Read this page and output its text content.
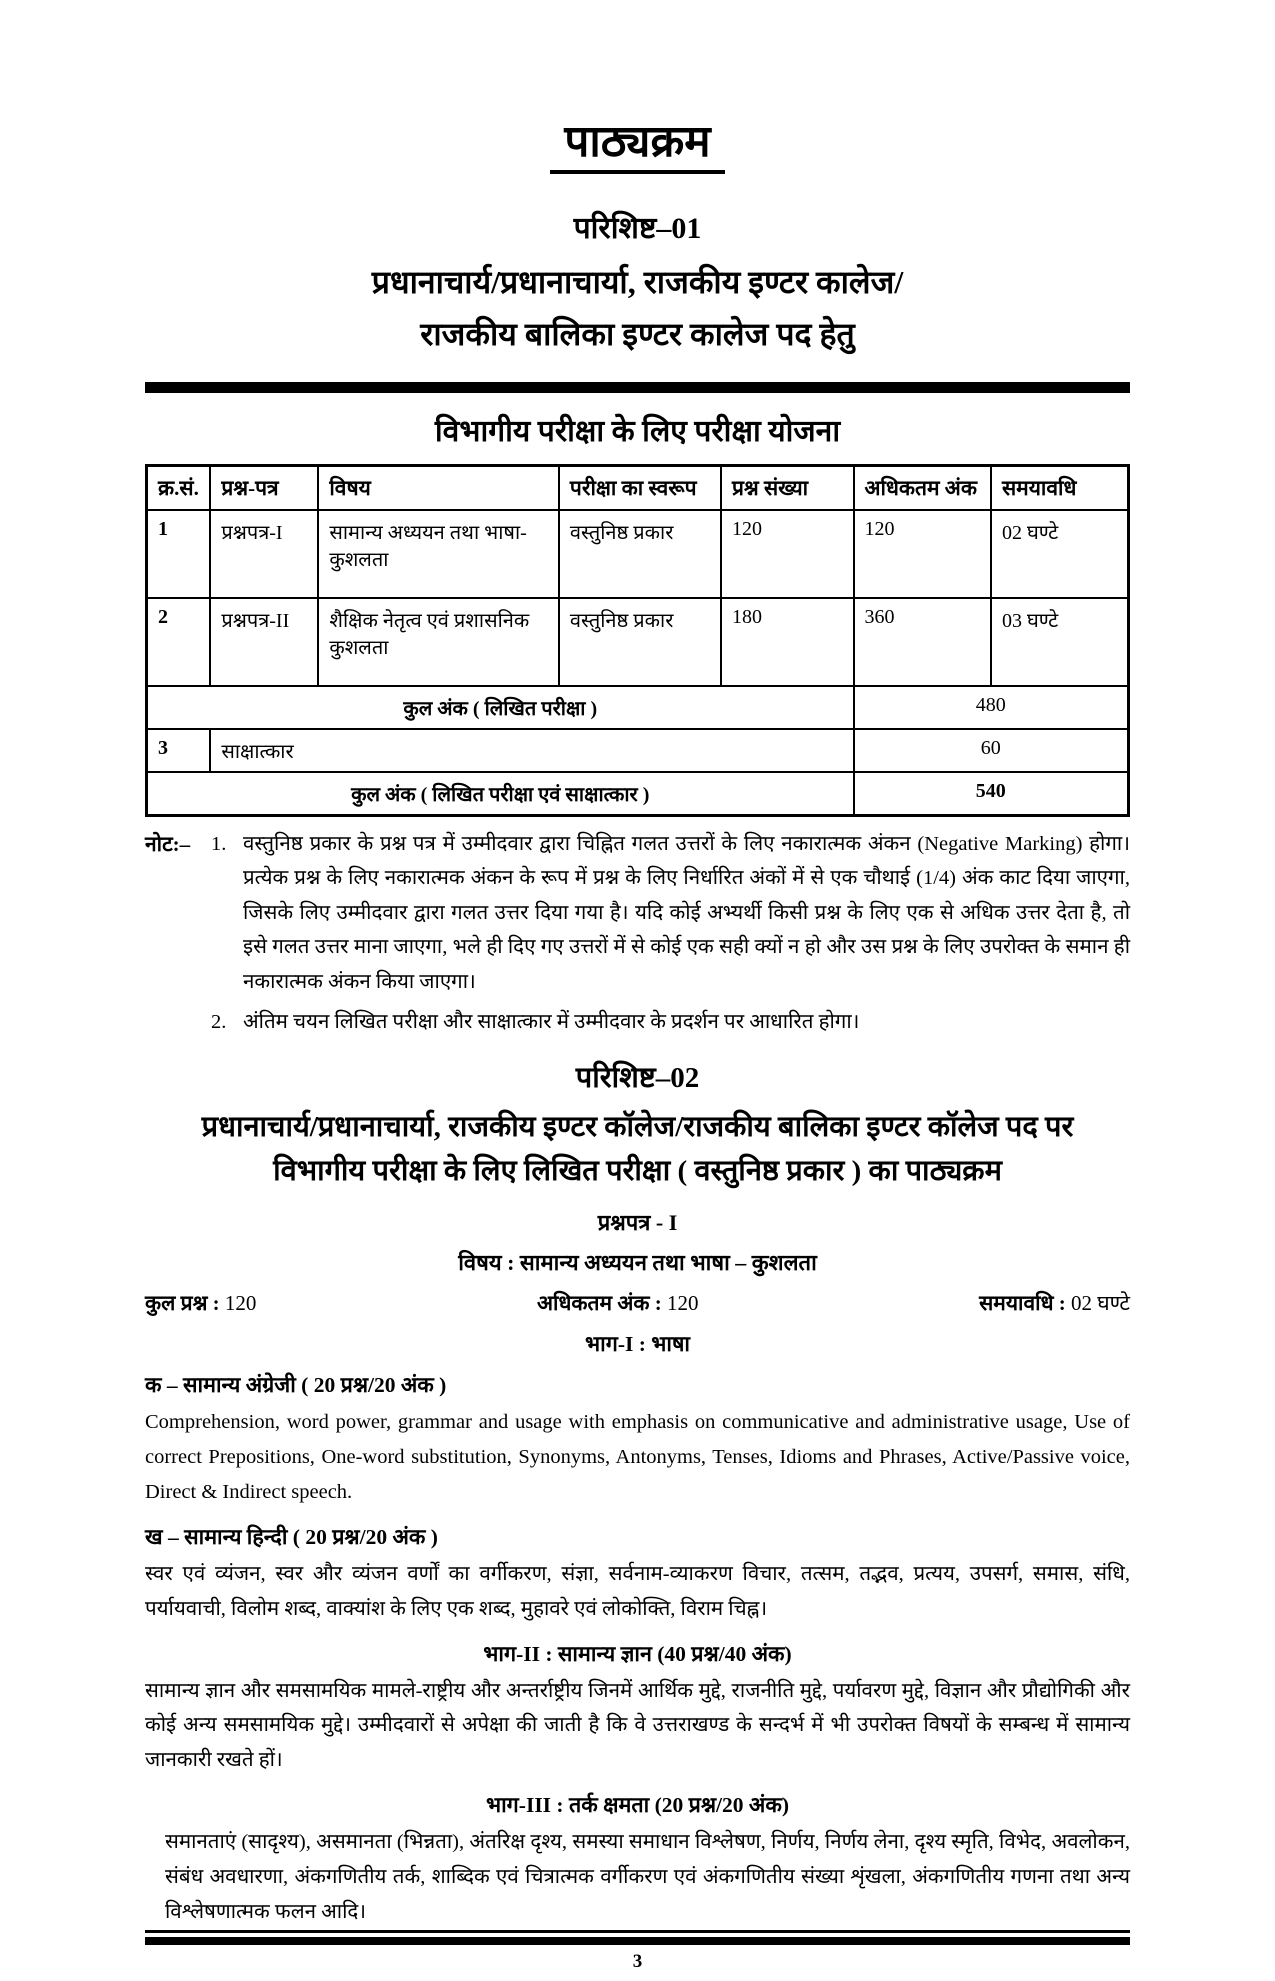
पाठ्यक्रम
परिशिष्ट–01
प्रधानाचार्य/प्रधानाचार्या, राजकीय इण्टर कालेज/
राजकीय बालिका इण्टर कालेज पद हेतु
विभागीय परीक्षा के लिए परीक्षा योजना
क्र.सं.	प्रश्न-पत्र	विषय	परीक्षा का स्वरूप	प्रश्न संख्या	अधिकतम अंक	समयावधि
1	प्रश्नपत्र-I	सामान्य अध्ययन तथा भाषा-कुशलता	वस्तुनिष्ठ प्रकार	120	120	02 घण्टे
2	प्रश्नपत्र-II	शैक्षिक नेतृत्व एवं प्रशासनिक कुशलता	वस्तुनिष्ठ प्रकार	180	360	03 घण्टे
कुल अंक ( लिखित परीक्षा )					480	
3	साक्षात्कार				60	
कुल अंक ( लिखित परीक्षा एवं साक्षात्कार )					540	
नोट:–	1. वस्तुनिष्ठ प्रकार के प्रश्न पत्र में उम्मीदवार द्वारा चिह्नित गलत उत्तरों के लिए नकारात्मक अंकन (Negative Marking) होगा। प्रत्येक प्रश्न के लिए नकारात्मक अंकन के रूप में प्रश्न के लिए निर्धारित अंकों में से एक चौथाई (1/4) अंक काट दिया जाएगा, जिसके लिए उम्मीदवार द्वारा गलत उत्तर दिया गया है। यदि कोई अभ्यर्थी किसी प्रश्न के लिए एक से अधिक उत्तर देता है, तो इसे गलत उत्तर माना जाएगा, भले ही दिए गए उत्तरों में से कोई एक सही क्यों न हो और उस प्रश्न के लिए उपरोक्त के समान ही नकारात्मक अंकन किया जाएगा।
2. अंतिम चयन लिखित परीक्षा और साक्षात्कार में उम्मीदवार के प्रदर्शन पर आधारित होगा।
परिशिष्ट–02
प्रधानाचार्य/प्रधानाचार्या, राजकीय इण्टर कॉलेज/राजकीय बालिका इण्टर कॉलेज पद पर
विभागीय परीक्षा के लिए लिखित परीक्षा ( वस्तुनिष्ठ प्रकार ) का पाठ्यक्रम
प्रश्नपत्र - I
विषय : सामान्य अध्ययन तथा भाषा – कुशलता
कुल प्रश्न : 120	अधिकतम अंक : 120	समयावधि : 02 घण्टे
भाग-I : भाषा
क – सामान्य अंग्रेजी ( 20 प्रश्न/20 अंक )
Comprehension, word power, grammar and usage with emphasis on communicative and administrative usage, Use of correct Prepositions, One-word substitution, Synonyms, Antonyms, Tenses, Idioms and Phrases, Active/Passive voice, Direct & Indirect speech.
ख – सामान्य हिन्दी ( 20 प्रश्न/20 अंक )
स्वर एवं व्यंजन, स्वर और व्यंजन वर्णों का वर्गीकरण, संज्ञा, सर्वनाम-व्याकरण विचार, तत्सम, तद्भव, प्रत्यय, उपसर्ग, समास, संधि, पर्यायवाची, विलोम शब्द, वाक्यांश के लिए एक शब्द, मुहावरे एवं लोकोक्ति, विराम चिह्न।
भाग-II : सामान्य ज्ञान (40 प्रश्न/40 अंक)
सामान्य ज्ञान और समसामयिक मामले-राष्ट्रीय और अन्तर्राष्ट्रीय जिनमें आर्थिक मुद्दे, राजनीति मुद्दे, पर्यावरण मुद्दे, विज्ञान और प्रौद्योगिकी और कोई अन्य समसामयिक मुद्दे। उम्मीदवारों से अपेक्षा की जाती है कि वे उत्तराखण्ड के सन्दर्भ में भी उपरोक्त विषयों के सम्बन्ध में सामान्य जानकारी रखते हों।
भाग-III : तर्क क्षमता (20 प्रश्न/20 अंक)
समानताएं (सादृश्य), असमानता (भिन्नता), अंतरिक्ष दृश्य, समस्या समाधान विश्लेषण, निर्णय, निर्णय लेना, दृश्य स्मृति, विभेद, अवलोकन, संबंध अवधारणा, अंकगणितीय तर्क, शाब्दिक एवं चित्रात्मक वर्गीकरण एवं अंकगणितीय संख्या शृंखला, अंकगणितीय गणना तथा अन्य विश्लेषणात्मक फलन आदि।
3
